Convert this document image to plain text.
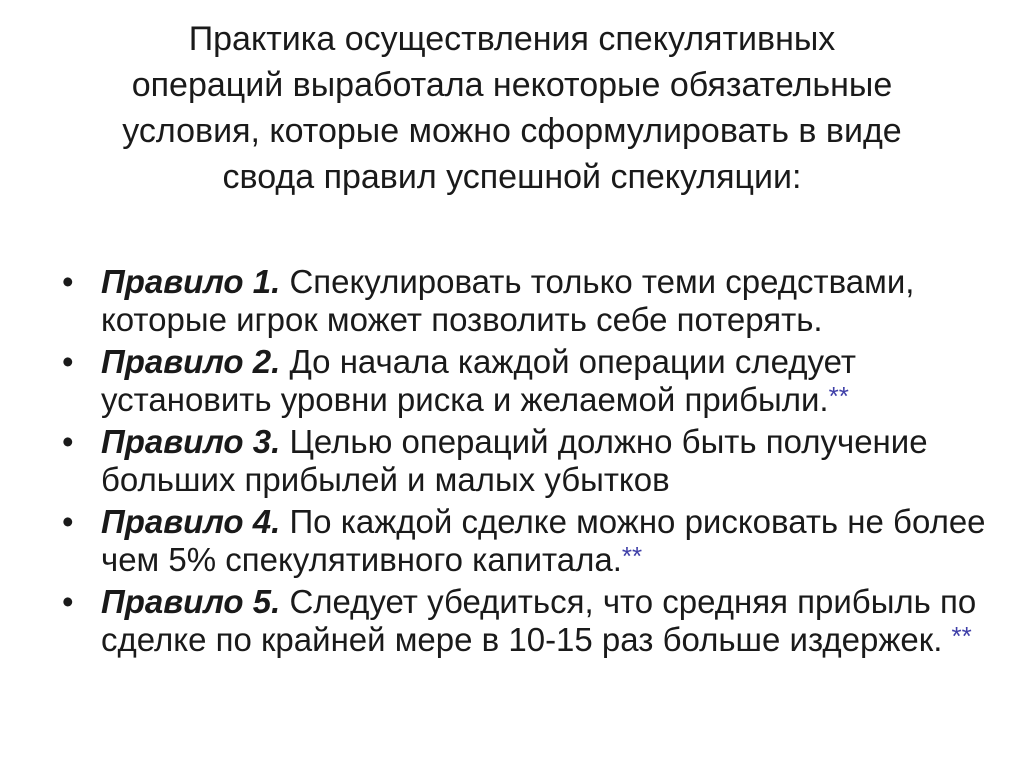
Практика осуществления спекулятивных операций выработала некоторые обязательные условия, которые можно сформулировать в виде свода правил успешной спекуляции:
• Правило 1. Спекулировать только теми средствами, которые игрок может позволить себе потерять.
• Правило 2. До начала каждой операции следует установить уровни риска и желаемой прибыли.**
• Правило 3. Целью операций должно быть получение больших прибылей и малых убытков
• Правило 4. По каждой сделке можно рисковать не более чем 5% спекулятивного капитала.**
• Правило 5. Следует убедиться, что средняя прибыль по сделке по крайней мере в 10-15 раз больше издержек. **
